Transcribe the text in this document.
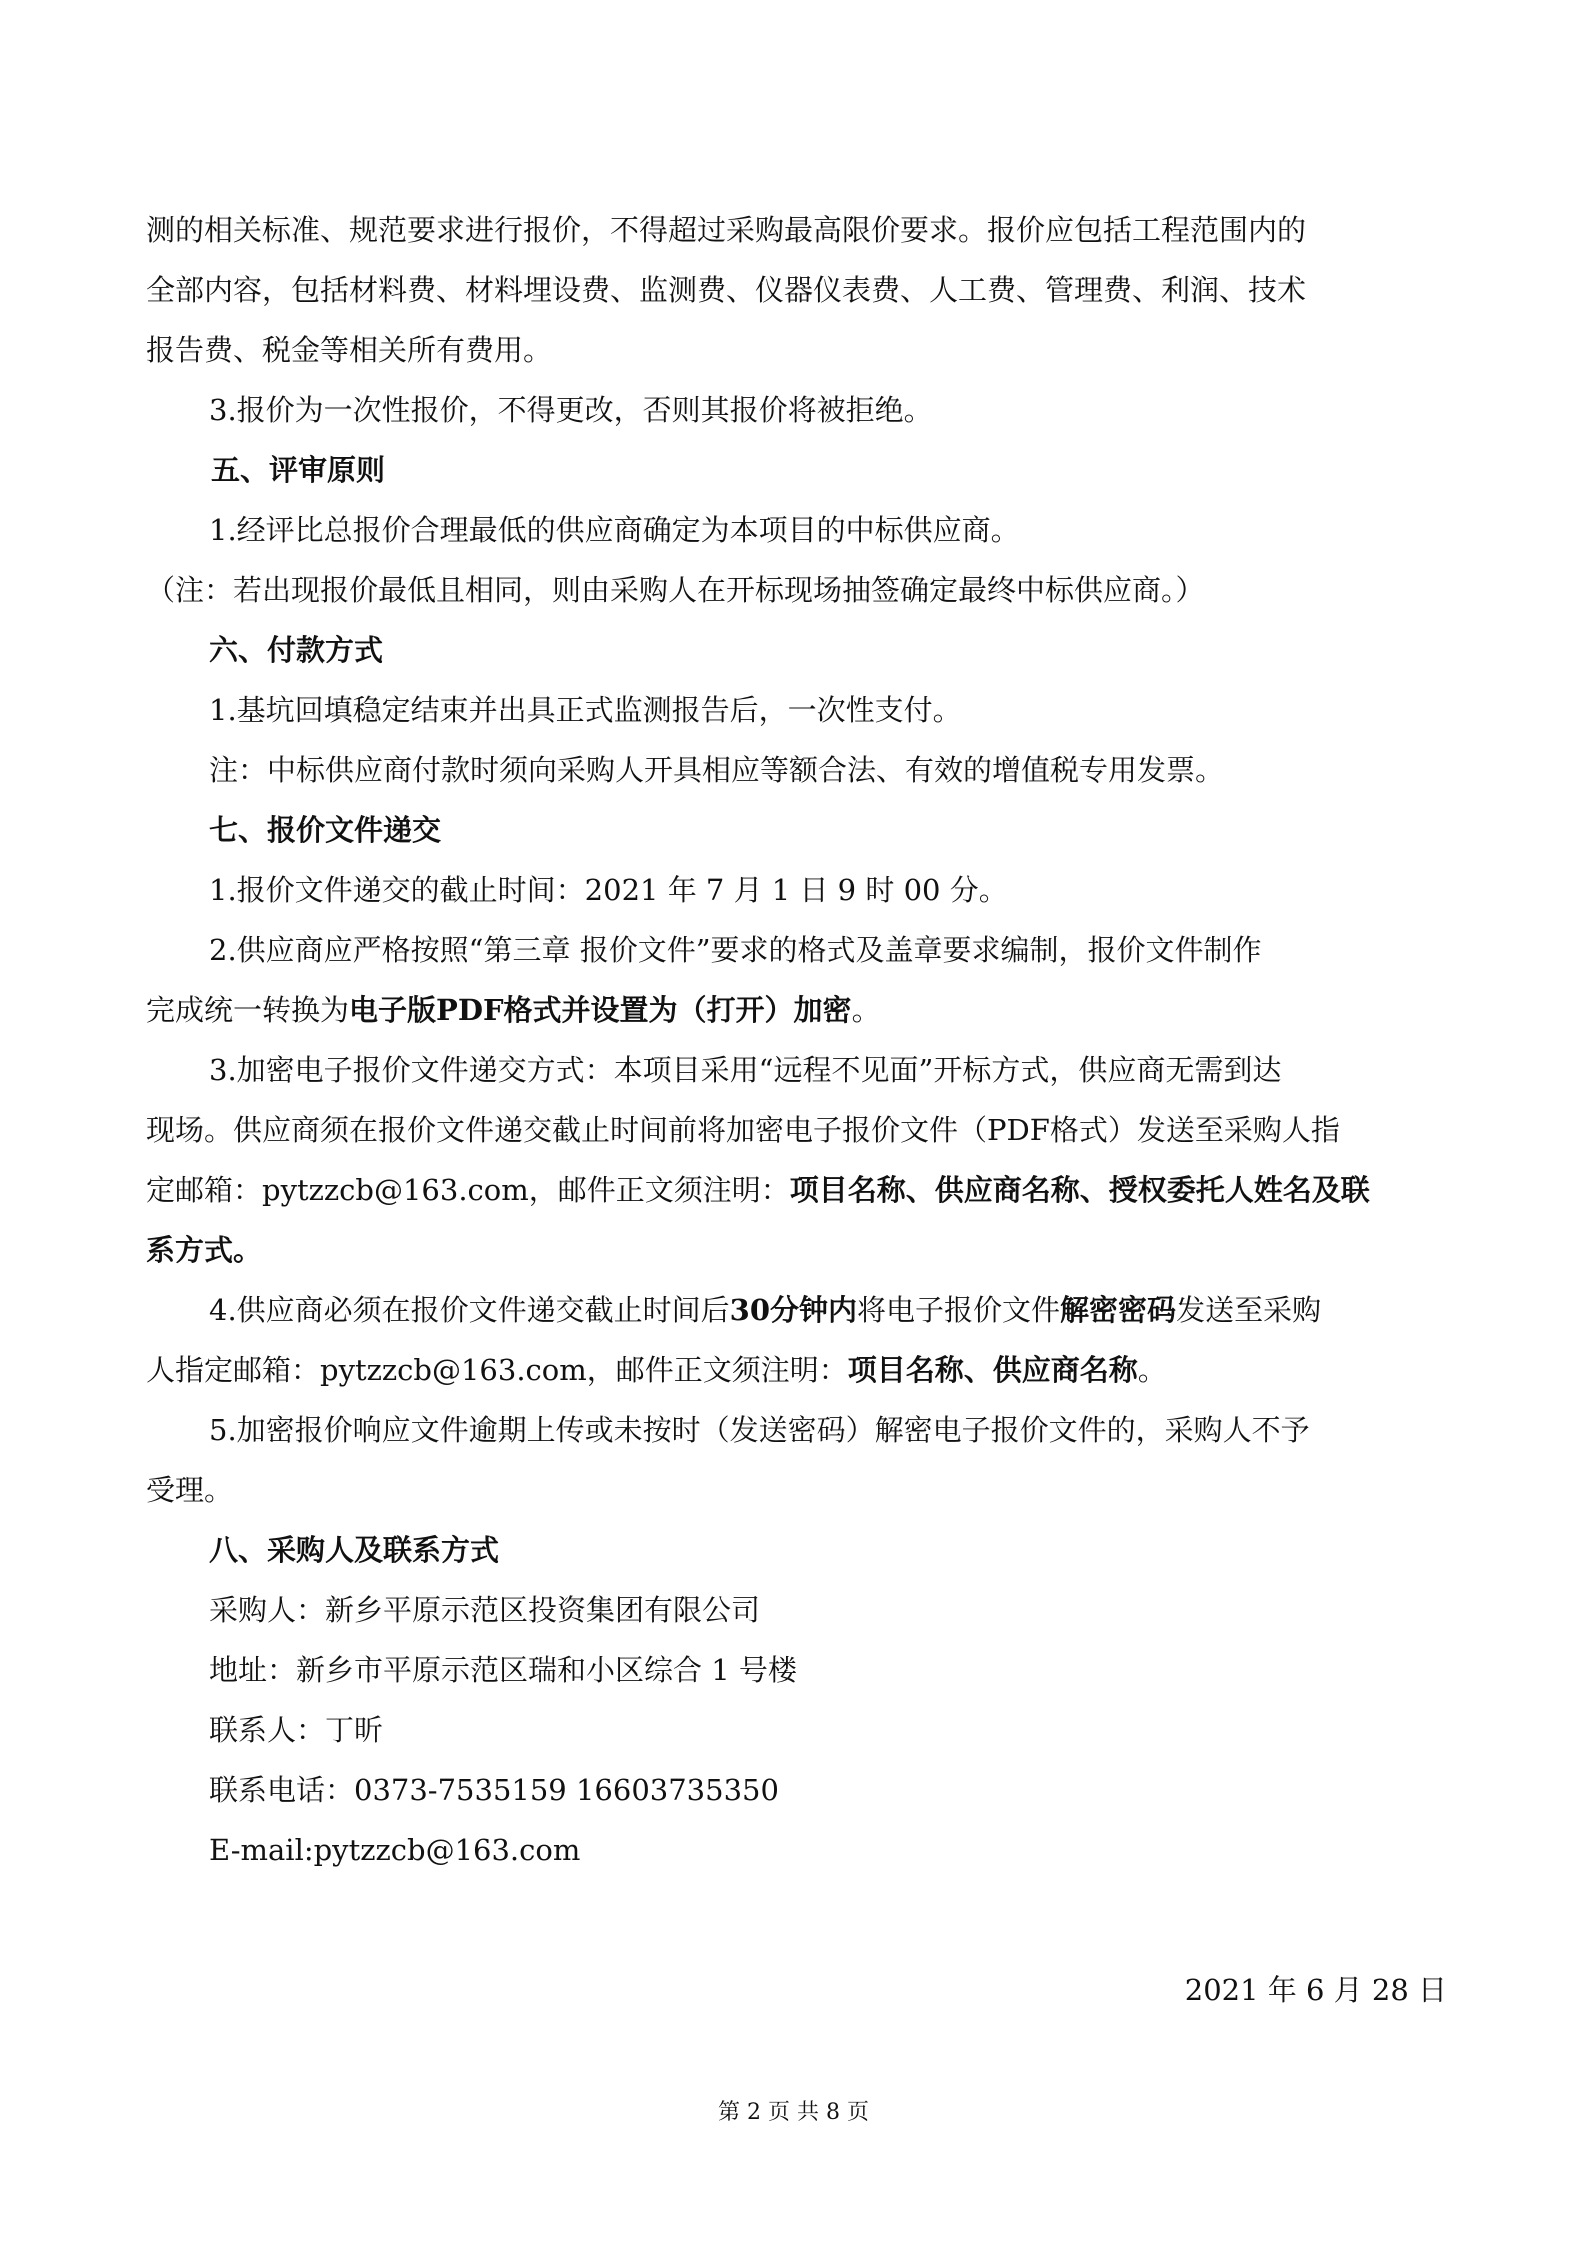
测的相关标准、规范要求进行报价，不得超过采购最高限价要求。报价应包括工程范围内的
全部内容，包括材料费、材料埋设费、监测费、仪器仪表费、人工费、管理费、利润、技术
报告费、税金等相关所有费用。
3.报价为一次性报价，不得更改，否则其报价将被拒绝。
五、评审原则
1.经评比总报价合理最低的供应商确定为本项目的中标供应商。
（注：若出现报价最低且相同，则由采购人在开标现场抽签确定最终中标供应商。）
六、付款方式
1.基坑回填稳定结束并出具正式监测报告后，一次性支付。
注：中标供应商付款时须向采购人开具相应等额合法、有效的增值税专用发票。
七、报价文件递交
1.报价文件递交的截止时间：2021 年 7 月 1 日 9 时 00 分。
2.供应商应严格按照“第三章 报价文件”要求的格式及盖章要求编制，报价文件制作
完成统一转换为电子版PDF格式并设置为（打开）加密。
3.加密电子报价文件递交方式：本项目采用“远程不见面”开标方式，供应商无需到达
现场。供应商须在报价文件递交截止时间前将加密电子报价文件（PDF格式）发送至采购人指
定邮箱：pytzzcb@163.com，邮件正文须注明：项目名称、供应商名称、授权委托人姓名及联
系方式。
4.供应商必须在报价文件递交截止时间后30分钟内将电子报价文件解密密码发送至采购
人指定邮箱：pytzzcb@163.com，邮件正文须注明：项目名称、供应商名称。
5.加密报价响应文件逾期上传或未按时（发送密码）解密电子报价文件的，采购人不予
受理。
八、采购人及联系方式
采购人：新乡平原示范区投资集团有限公司
地址：新乡市平原示范区瑞和小区综合 1 号楼
联系人：丁昕
联系电话：0373-7535159 16603735350
E-mail:pytzzcb@163.com
2021 年 6 月 28 日
第 2 页 共 8 页
